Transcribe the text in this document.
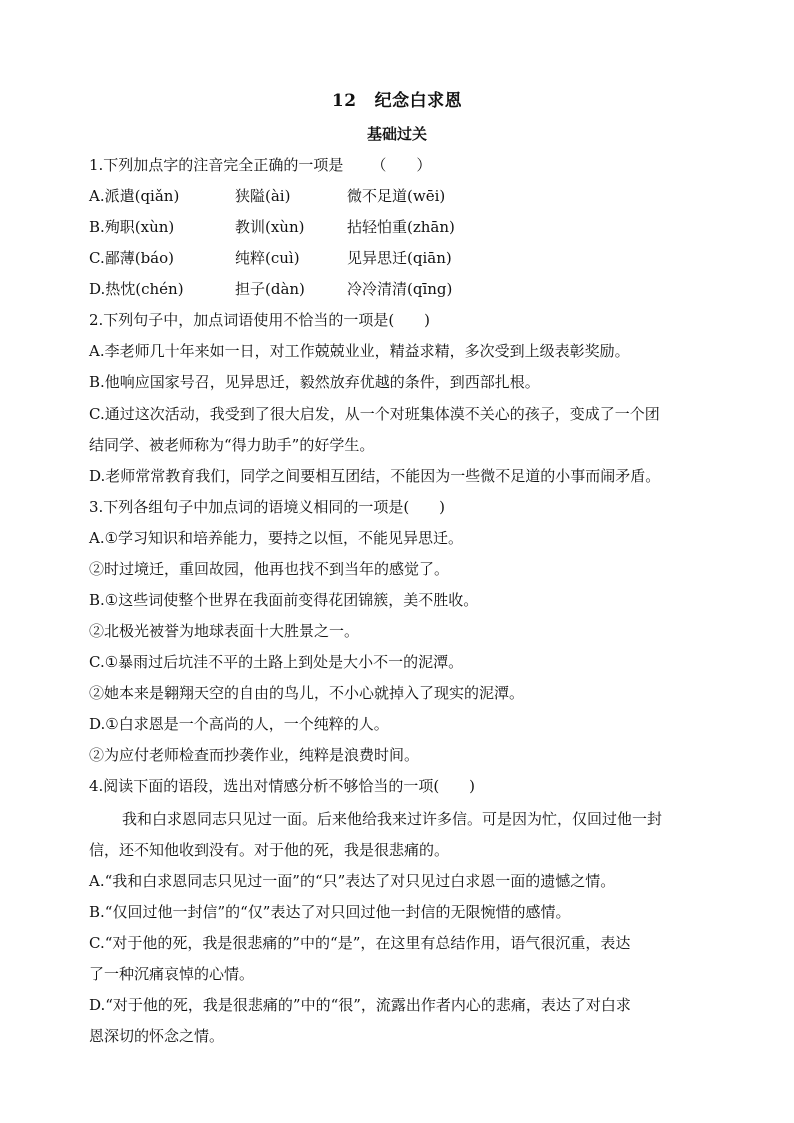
12 纪念白求恩
基础过关
1.下列加点字的注音完全正确的一项是 （ ）
A.派遣(qiǎn)	狭隘(ài)	微不足道(wēi)
B.殉职(xùn)	教训(xùn)	拈轻怕重(zhān)
C.鄙薄(báo)	纯粹(cuì)	见异思迁(qiān)
D.热忱(chén)	担子(dàn)	冷冷清清(qīng)
2.下列句子中，加点词语使用不恰当的一项是(　　)
A.李老师几十年来如一日，对工作兢兢业业，精益求精，多次受到上级表彰奖励。
B.他响应国家号召，见异思迁，毅然放弃优越的条件，到西部扎根。
C.通过这次活动，我受到了很大启发，从一个对班集体漠不关心的孩子，变成了一个团
结同学、被老师称为“得力助手”的好学生。
D.老师常常教育我们，同学之间要相互团结，不能因为一些微不足道的小事而闹矛盾。
3.下列各组句子中加点词的语境义相同的一项是(　　)
A.①学习知识和培养能力，要持之以恒，不能见异思迁。
②时过境迁，重回故园，他再也找不到当年的感觉了。
B.①这些词使整个世界在我面前变得花团锦簇，美不胜收。
②北极光被誉为地球表面十大胜景之一。
C.①暴雨过后坑洼不平的土路上到处是大小不一的泥潭。
②她本来是翱翔天空的自由的鸟儿，不小心就掉入了现实的泥潭。
D.①白求恩是一个高尚的人，一个纯粹的人。
②为应付老师检查而抄袭作业，纯粹是浪费时间。
4.阅读下面的语段，选出对情感分析不够恰当的一项(　　)
我和白求恩同志只见过一面。后来他给我来过许多信。可是因为忙，仅回过他一封
信，还不知他收到没有。对于他的死，我是很悲痛的。
A.“我和白求恩同志只见过一面”的“只”表达了对只见过白求恩一面的遗憾之情。
B.“仅回过他一封信”的“仅”表达了对只回过他一封信的无限惋惜的感情。
C.“对于他的死，我是很悲痛的”中的“是”，在这里有总结作用，语气很沉重，表达
了一种沉痛哀悼的心情。
D.“对于他的死，我是很悲痛的”中的“很”，流露出作者内心的悲痛，表达了对白求
恩深切的怀念之情。
